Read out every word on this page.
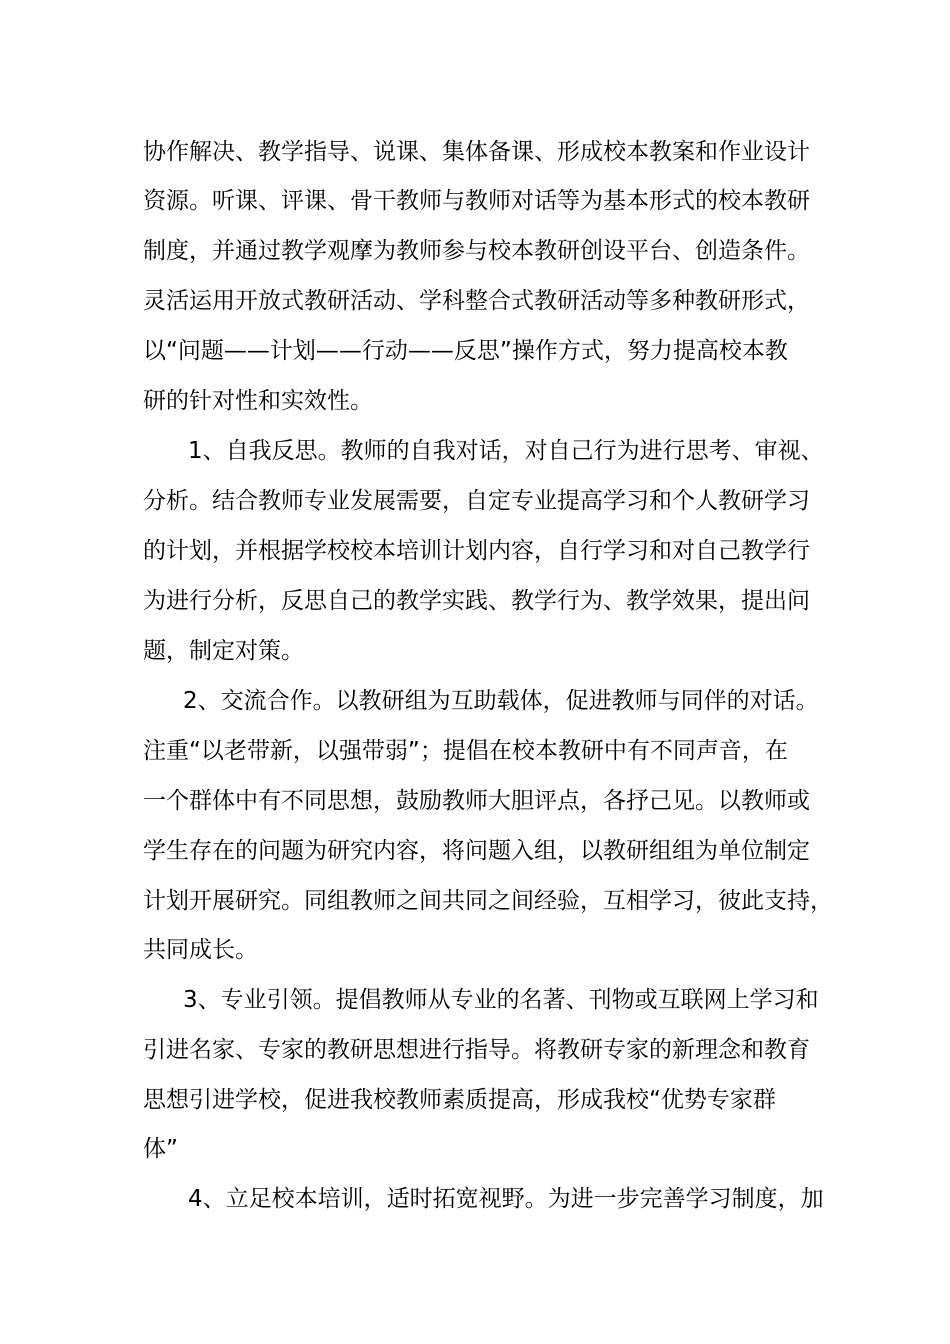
协作解决、教学指导、说课、集体备课、形成校本教案和作业设计
资源。听课、评课、骨干教师与教师对话等为基本形式的校本教研
制度，并通过教学观摩为教师参与校本教研创设平台、创造条件。
灵活运用开放式教研活动、学科整合式教研活动等多种教研形式，
以“问题——计划——行动——反思”操作方式，努力提高校本教
研的针对性和实效性。
1、自我反思。教师的自我对话，对自己行为进行思考、审视、
分析。结合教师专业发展需要，自定专业提高学习和个人教研学习
的计划，并根据学校校本培训计划内容，自行学习和对自己教学行
为进行分析，反思自己的教学实践、教学行为、教学效果，提出问
题，制定对策。
2、交流合作。以教研组为互助载体，促进教师与同伴的对话。
注重“以老带新，以强带弱”；提倡在校本教研中有不同声音，在
一个群体中有不同思想，鼓励教师大胆评点，各抒己见。以教师或
学生存在的问题为研究内容，将问题入组，以教研组组为单位制定
计划开展研究。同组教师之间共同之间经验，互相学习，彼此支持，
共同成长。
3、专业引领。提倡教师从专业的名著、刊物或互联网上学习和
引进名家、专家的教研思想进行指导。将教研专家的新理念和教育
思想引进学校，促进我校教师素质提高，形成我校“优势专家群
体”
4、立足校本培训，适时拓宽视野。为进一步完善学习制度，加
